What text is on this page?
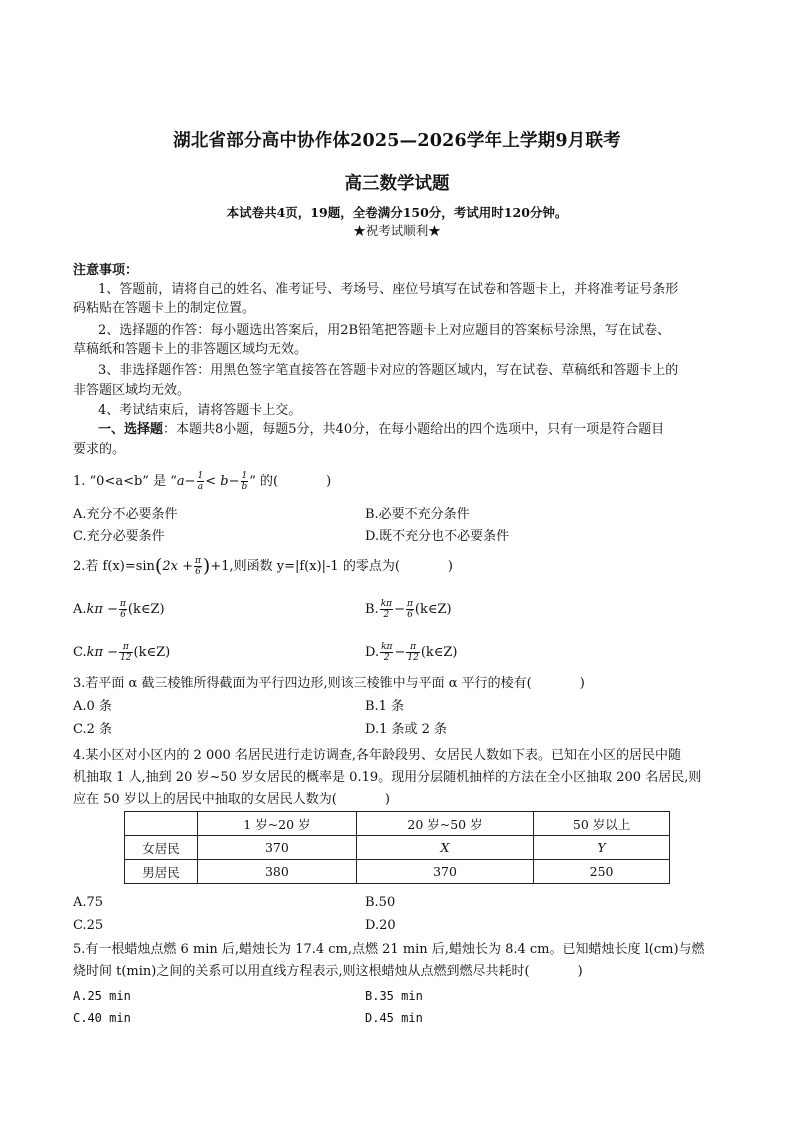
湖北省部分高中协作体2025—2026学年上学期9月联考
高三数学试题
本试卷共4页，19题，全卷满分150分，考试用时120分钟。
★祝考试顺利★
注意事项：
1、答题前，请将自己的姓名、准考证号、考场号、座位号填写在试卷和答题卡上，并将准考证号条形
码粘贴在答题卡上的制定位置。
2、选择题的作答：每小题选出答案后，用2B铅笔把答题卡上对应题目的答案标号涂黑，写在试卷、
草稿纸和答题卡上的非答题区域均无效。
3、非选择题作答：用黑色签字笔直接答在答题卡对应的答题区域内，写在试卷、草稿纸和答题卡上的
非答题区域均无效。
4、考试结束后，请将答题卡上交。
一、选择题：本题共8小题，每题5分，共40分，在每小题给出的四个选项中，只有一项是符合题目
要求的。
1. “0<a<b” 是 “$a- \frac{1}{a} < b- \frac{1}{b}$ ” 的(	)
A.充分不必要条件	B.必要不充分条件
C.充分必要条件	D.既不充分也不必要条件
2.若 $f(x)=\sin(2x + \frac{\pi}{6} )+1$,则函数 y=|f(x)|-1 的零点为(	)
$A.k\pi - \frac{\pi}{6}$ (k∈Z)	B. $\frac{k\pi}{2} - \frac{\pi}{6}$ (k∈Z)
$C.k\pi - \frac{\pi}{12}$ (k∈Z)	D. $\frac{k\pi}{2} - \frac{\pi}{12}$ (k∈Z)
3.若平面 α 截三棱锥所得截面为平行四边形,则该三棱锥中与平面 α 平行的棱有(	)
A.0 条	B.1 条
C.2 条	D.1 条或 2 条
4.某小区对小区内的 2 000 名居民进行走访调查,各年龄段男、女居民人数如下表。已知在小区的居民中随
机抽取 1 人,抽到 20 岁~50 岁女居民的概率是 0.19。现用分层随机抽样的方法在全小区抽取 200 名居民,则
应在 50 岁以上的居民中抽取的女居民人数为(	)
	1 岁~20 岁	20 岁~50 岁	50 岁以上
女居民	370	X	Y
男居民	380	370	250
A.75	B.50
C.25	D.20
5.有一根蜡烛点燃 6 min 后,蜡烛长为 17.4 cm,点燃 21 min 后,蜡烛长为 8.4 cm。已知蜡烛长度 l(cm)与燃
烧时间 t(min)之间的关系可以用直线方程表示,则这根蜡烛从点燃到燃尽共耗时(	)
A.25 min	B.35 min
C.40 min	D.45 min
